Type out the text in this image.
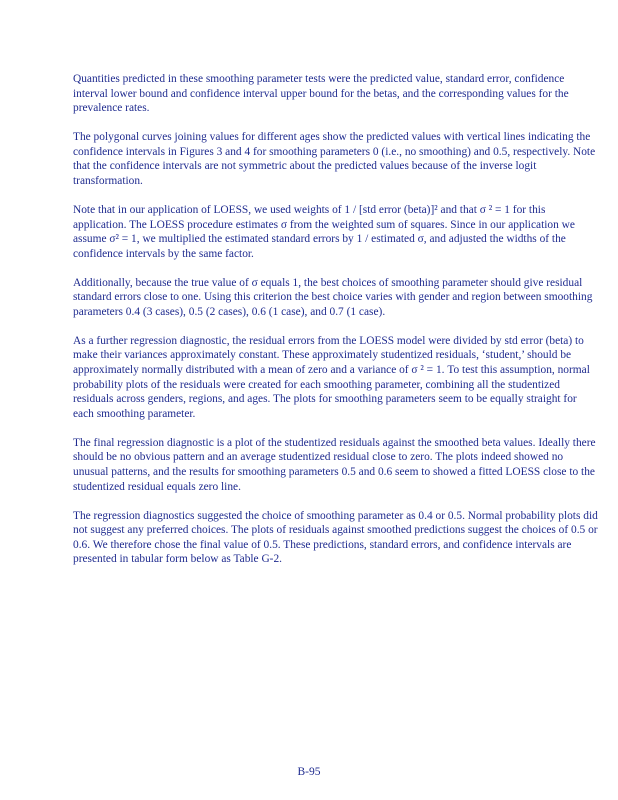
Quantities predicted in these smoothing parameter tests were the predicted value, standard error, confidence interval lower bound and confidence interval upper bound for the betas, and the corresponding values for the prevalence rates.

The polygonal curves joining values for different ages show the predicted values with vertical lines indicating the confidence intervals in Figures 3 and 4 for smoothing parameters 0 (i.e., no smoothing) and 0.5, respectively. Note that the confidence intervals are not symmetric about the predicted values because of the inverse logit transformation.

Note that in our application of LOESS, we used weights of 1 / [std error (beta)]² and that σ ² = 1 for this application. The LOESS procedure estimates σ from the weighted sum of squares. Since in our application we assume σ² = 1, we multiplied the estimated standard errors by 1 / estimated σ, and adjusted the widths of the confidence intervals by the same factor.

Additionally, because the true value of σ equals 1, the best choices of smoothing parameter should give residual standard errors close to one. Using this criterion the best choice varies with gender and region between smoothing parameters 0.4 (3 cases), 0.5 (2 cases), 0.6 (1 case), and 0.7 (1 case).

As a further regression diagnostic, the residual errors from the LOESS model were divided by std error (beta) to make their variances approximately constant. These approximately studentized residuals, ‘student,’ should be approximately normally distributed with a mean of zero and a variance of σ ² = 1. To test this assumption, normal probability plots of the residuals were created for each smoothing parameter, combining all the studentized residuals across genders, regions, and ages. The plots for smoothing parameters seem to be equally straight for each smoothing parameter.

The final regression diagnostic is a plot of the studentized residuals against the smoothed beta values. Ideally there should be no obvious pattern and an average studentized residual close to zero. The plots indeed showed no unusual patterns, and the results for smoothing parameters 0.5 and 0.6 seem to showed a fitted LOESS close to the studentized residual equals zero line.

The regression diagnostics suggested the choice of smoothing parameter as 0.4 or 0.5. Normal probability plots did not suggest any preferred choices. The plots of residuals against smoothed predictions suggest the choices of 0.5 or 0.6. We therefore chose the final value of 0.5. These predictions, standard errors, and confidence intervals are presented in tabular form below as Table G-2.

B-95
